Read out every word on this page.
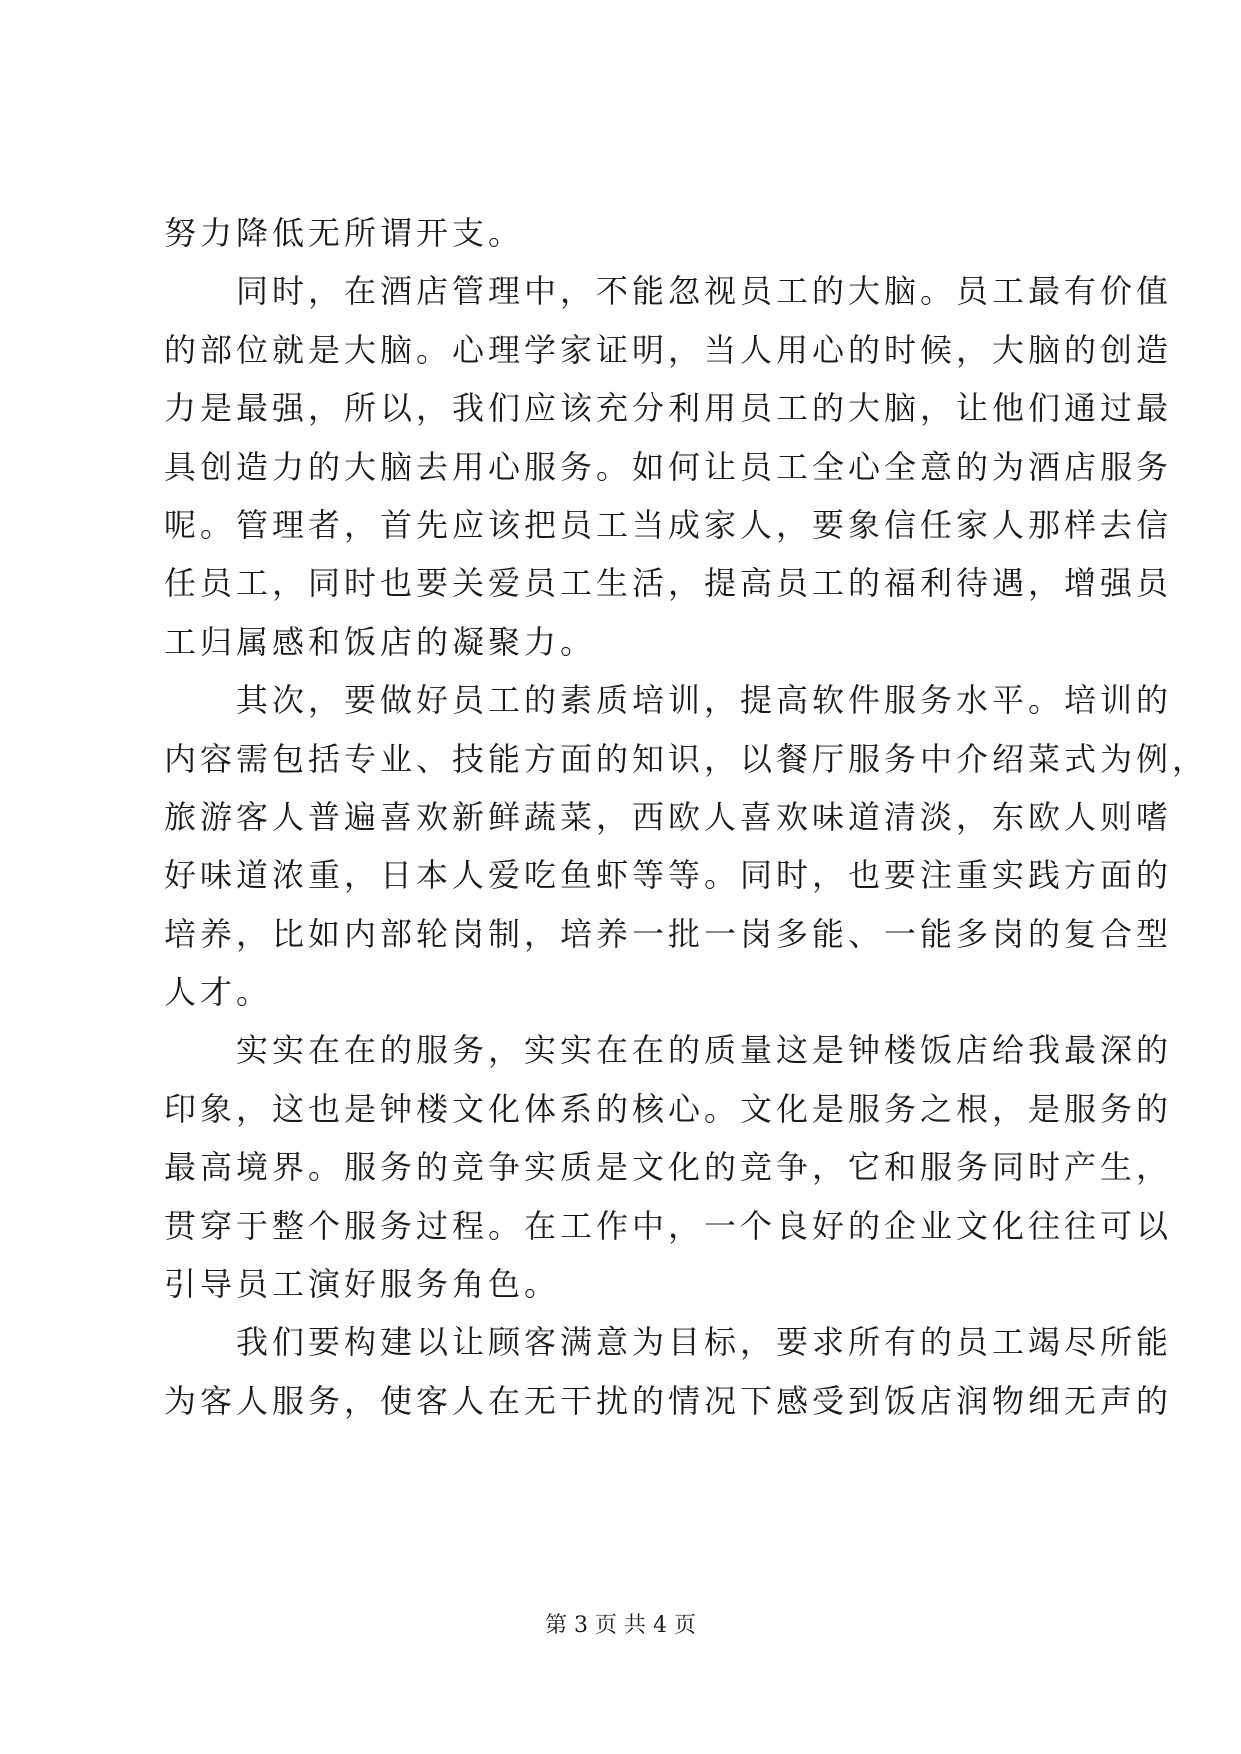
努力降低无所谓开支。
同时，在酒店管理中，不能忽视员工的大脑。员工最有价值
的部位就是大脑。心理学家证明，当人用心的时候，大脑的创造
力是最强，所以，我们应该充分利用员工的大脑，让他们通过最
具创造力的大脑去用心服务。如何让员工全心全意的为酒店服务
呢。管理者，首先应该把员工当成家人，要象信任家人那样去信
任员工，同时也要关爱员工生活，提高员工的福利待遇，增强员
工归属感和饭店的凝聚力。
其次，要做好员工的素质培训，提高软件服务水平。培训的
内容需包括专业、技能方面的知识，以餐厅服务中介绍菜式为例，
旅游客人普遍喜欢新鲜蔬菜，西欧人喜欢味道清淡，东欧人则嗜
好味道浓重，日本人爱吃鱼虾等等。同时，也要注重实践方面的
培养，比如内部轮岗制，培养一批一岗多能、一能多岗的复合型
人才。
实实在在的服务，实实在在的质量这是钟楼饭店给我最深的
印象，这也是钟楼文化体系的核心。文化是服务之根，是服务的
最高境界。服务的竞争实质是文化的竞争，它和服务同时产生，
贯穿于整个服务过程。在工作中，一个良好的企业文化往往可以
引导员工演好服务角色。
我们要构建以让顾客满意为目标，要求所有的员工竭尽所能
为客人服务，使客人在无干扰的情况下感受到饭店润物细无声的
第 3 页 共 4 页
